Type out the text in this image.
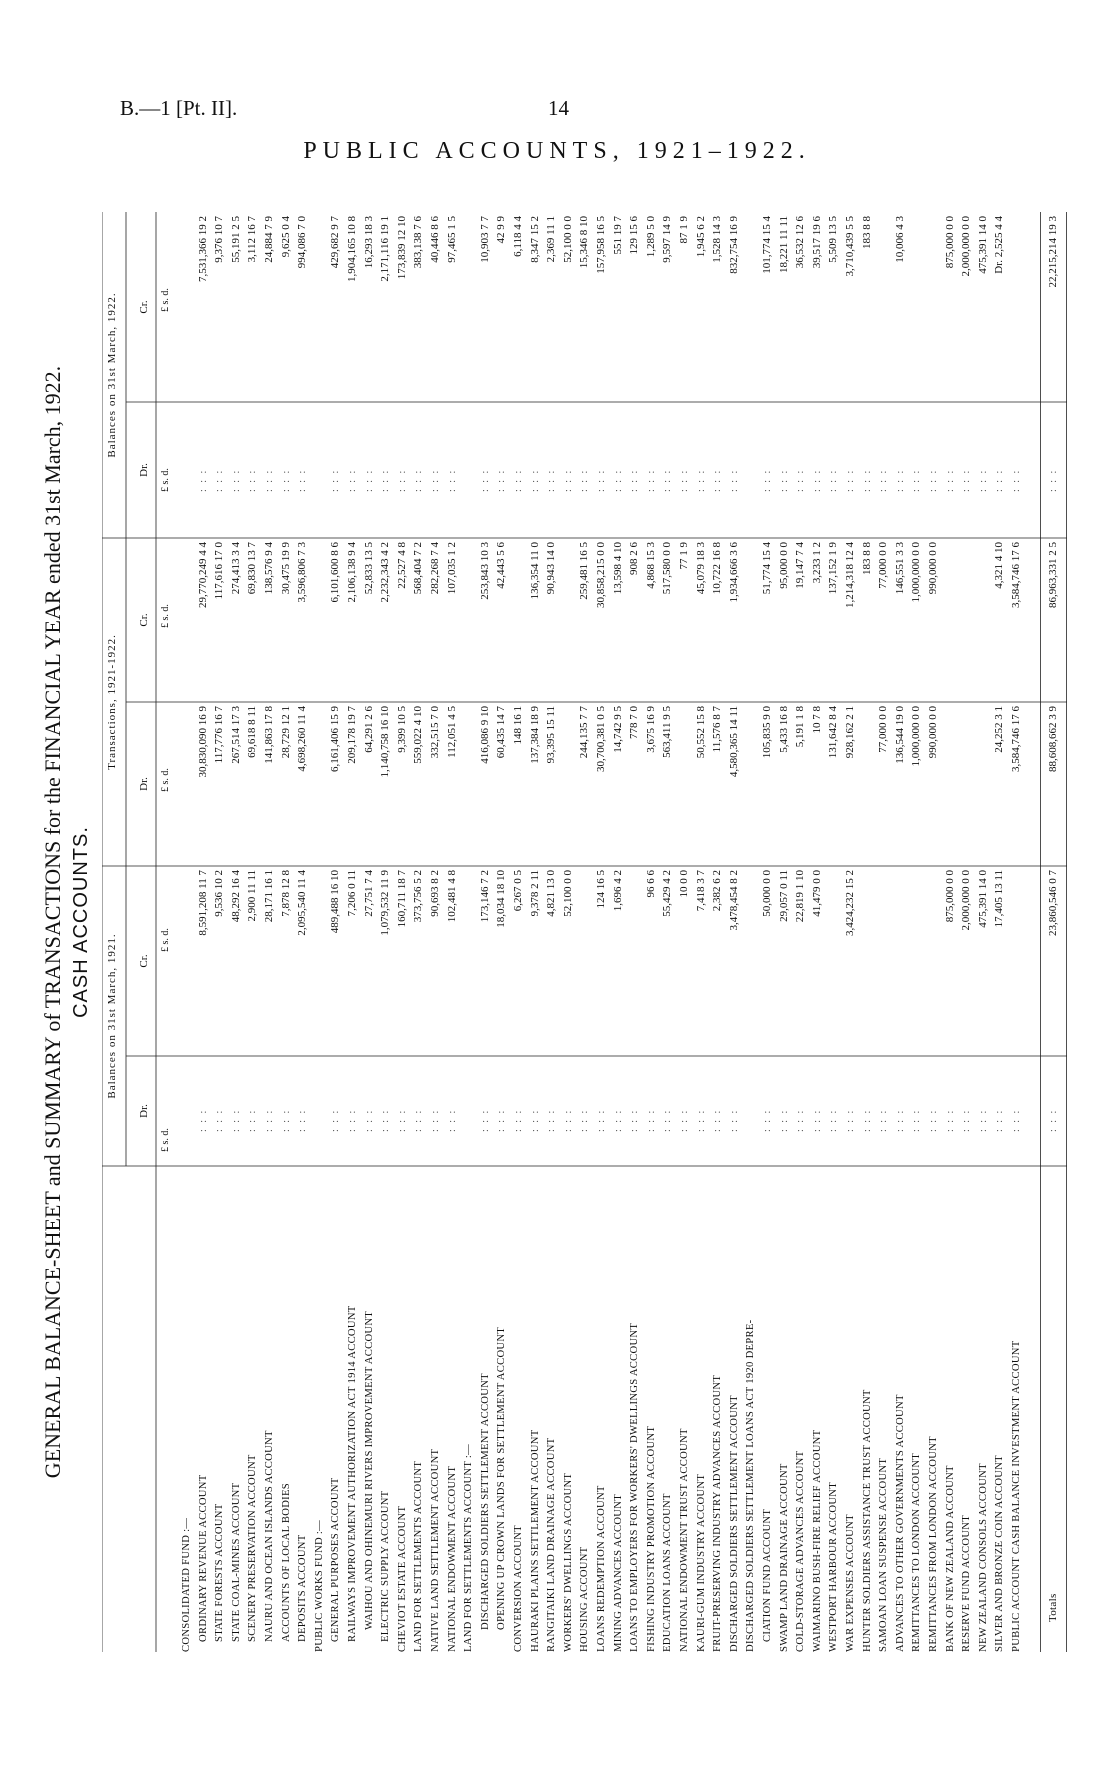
B.—1 [Pt. II].	14
PUBLIC ACCOUNTS, 1921–1922.
GENERAL BALANCE-SHEET and SUMMARY of TRANSACTIONS for the FINANCIAL YEAR ended 31st March, 1922. CASH ACCOUNTS. Balances on 31st March, 1921.
Transactions, 1921-1922.
Balances on 31st March, 1922.
Dr.
Cr.
Dr.
Cr.
Dr.
Cr.
£ s. d.
£ s. d.
£ s. d.
£ s. d.
£ s. d.
£ s. d.
CONSOLIDATED FUND :— ORDINARY REVENUE ACCOUNT
: : :
: : :
8,591,208 11 7
30,830,090 16 9
29,770,249 4 4
7,531,366 19 2
STATE FORESTS ACCOUNT
: : :
: : :
9,536 10 2
117,776 16 7
117,616 17 0
9,376 10 7
STATE COAL-MINES ACCOUNT
: : :
: : :
48,292 16 4
267,514 17 3
274,413 3 4
55,191 2 5
SCENERY PRESERVATION ACCOUNT
: : :
: : :
2,900 11 11
69,618 8 11
69,830 13 7
3,112 16 7
NAURU AND OCEAN ISLANDS ACCOUNT
: : :
: : :
28,171 16 1
141,863 17 8
138,576 9 4
24,884 7 9
ACCOUNTS OF LOCAL BODIES
: : :
: : :
7,878 12 8
28,729 12 1
30,475 19 9
9,625 0 4
DEPOSITS ACCOUNT
: : :
: : :
2,095,540 11 4
4,698,260 11 4
3,596,806 7 3
994,086 7 0
PUBLIC WORKS FUND :— GENERAL PURPOSES ACCOUNT
: : :
: : :
489,488 16 10
6,161,406 15 9
6,101,600 8 6
429,682 9 7
RAILWAYS IMPROVEMENT AUTHORIZATION ACT 1914 ACCOUNT
: : :
: : :
7,206 0 11
209,178 19 7
2,106,138 9 4
1,904,165 10 8
WAIHOU AND OHINEMURI RIVERS IMPROVEMENT ACCOUNT
: : :
: : :
27,751 7 4
64,291 2 6
52,833 13 5
16,293 18 3
ELECTRIC SUPPLY ACCOUNT
: : :
: : :
1,079,532 11 9
1,140,758 16 10
2,232,343 4 2
2,171,116 19 1
CHEVIOT ESTATE ACCOUNT
: : :
: : :
160,711 18 7
9,399 10 5
22,527 4 8
173,839 12 10
LAND FOR SETTLEMENTS ACCOUNT
: : :
: : :
373,756 5 2
559,022 4 10
568,404 7 2
383,138 7 6
NATIVE LAND SETTLEMENT ACCOUNT
: : :
: : :
90,693 8 2
332,515 7 0
282,268 7 4
40,446 8 6
NATIONAL ENDOWMENT ACCOUNT
: : :
: : :
102,481 4 8
112,051 4 5
107,035 1 2
97,465 1 5
LAND FOR SETTLEMENTS ACCOUNT :— DISCHARGED SOLDIERS SETTLEMENT ACCOUNT
: : :
: : :
173,146 7 2
416,086 9 10
253,843 10 3
10,903 7 7
OPENING UP CROWN LANDS FOR SETTLEMENT ACCOUNT
: : :
: : :
18,034 18 10
60,435 14 7
42,443 5 6
42 9 9
CONVERSION ACCOUNT
: : :
: : :
6,267 0 5
148 16 1
6,118 4 4
HAURAKI PLAINS SETTLEMENT ACCOUNT
: : :
: : :
9,378 2 11
137,384 18 9
136,354 11 0
8,347 15 2
RANGITAIKI LAND DRAINAGE ACCOUNT
: : :
: : :
4,821 13 0
93,395 15 11
90,943 14 0
2,369 11 1
WORKERS' DWELLINGS ACCOUNT
: : :
: : :
52,100 0 0
52,100 0 0
HOUSING ACCOUNT
: : :
: : :
244,135 7 7
259,481 16 5
15,346 8 10
LOANS REDEMPTION ACCOUNT
: : :
: : :
124 16 5
30,700,381 0 5
30,858,215 0 0
157,958 16 5
MINING ADVANCES ACCOUNT
: : :
: : :
1,696 4 2
14,742 9 5
13,598 4 10
551 19 7
LOANS TO EMPLOYERS FOR WORKERS' DWELLINGS ACCOUNT
: : :
: : :
778 7 0
908 2 6
129 15 6
FISHING INDUSTRY PROMOTION ACCOUNT
: : :
: : :
96 6 6
3,675 16 9
4,868 15 3
1,289 5 0
EDUCATION LOANS ACCOUNT
: : :
: : :
55,429 4 2
563,411 9 5
517,580 0 0
9,597 14 9
NATIONAL ENDOWMENT TRUST ACCOUNT
: : :
: : :
10 0 0
77 1 9
87 1 9
KAURI-GUM INDUSTRY ACCOUNT
: : :
: : :
7,418 3 7
50,552 15 8
45,079 18 3
1,945 6 2
FRUIT-PRESERVING INDUSTRY ADVANCES ACCOUNT
: : :
: : :
2,382 6 2
11,576 8 7
10,722 16 8
1,528 14 3
DISCHARGED SOLDIERS SETTLEMENT ACCOUNT
: : :
: : :
3,478,454 8 2
4,580,365 14 11
1,934,666 3 6
832,754 16 9
DISCHARGED SOLDIERS SETTLEMENT LOANS ACT 1920 DEPRE- CIATION FUND ACCOUNT
: : :
: : :
50,000 0 0
105,835 9 0
51,774 15 4
101,774 15 4
SWAMP LAND DRAINAGE ACCOUNT
: : :
: : :
29,057 0 11
5,433 16 8
95,000 0 0
18,221 11 11
COLD-STORAGE ADVANCES ACCOUNT
: : :
: : :
22,819 1 10
5,191 1 8
19,147 7 4
36,532 12 6
WAIMARINO BUSH-FIRE RELIEF ACCOUNT
: : :
: : :
41,479 0 0
10 7 8
3,233 1 2
39,517 19 6
WESTPORT HARBOUR ACCOUNT
: : :
: : :
131,642 8 4
137,152 1 9
5,509 13 5
WAR EXPENSES ACCOUNT
: : :
: : :
3,424,232 15 2
928,162 2 1
1,214,318 12 4
3,710,439 5 5
HUNTER SOLDIERS ASSISTANCE TRUST ACCOUNT
: : :
: : :
183 8 8
183 8 8
SAMOAN LOAN SUSPENSE ACCOUNT
: : :
: : :
77,000 0 0
77,000 0 0
ADVANCES TO OTHER GOVERNMENTS ACCOUNT
: : :
: : :
136,544 19 0
146,551 3 3
10,006 4 3
REMITTANCES TO LONDON ACCOUNT
: : :
: : :
1,000,000 0 0
1,000,000 0 0
REMITTANCES FROM LONDON ACCOUNT
: : :
: : :
990,000 0 0
990,000 0 0
BANK OF NEW ZEALAND ACCOUNT
: : :
: : :
875,000 0 0
875,000 0 0
RESERVE FUND ACCOUNT
: : :
: : :
2,000,000 0 0
2,000,000 0 0
NEW ZEALAND CONSOLS ACCOUNT
: : :
: : :
475,391 14 0
475,391 14 0
SILVER AND BRONZE COIN ACCOUNT
: : :
: : :
17,405 13 11
24,252 3 1
4,321 4 10
Dr. 2,525 4 4
PUBLIC ACCOUNT CASH BALANCE INVESTMENT ACCOUNT
: : :
: : :
3,584,746 17 6
3,584,746 17 6
Totals
: : :
: : :
23,860,546 0 7
88,608,662 3 9
86,963,331 2 5
22,215,214 19 3
